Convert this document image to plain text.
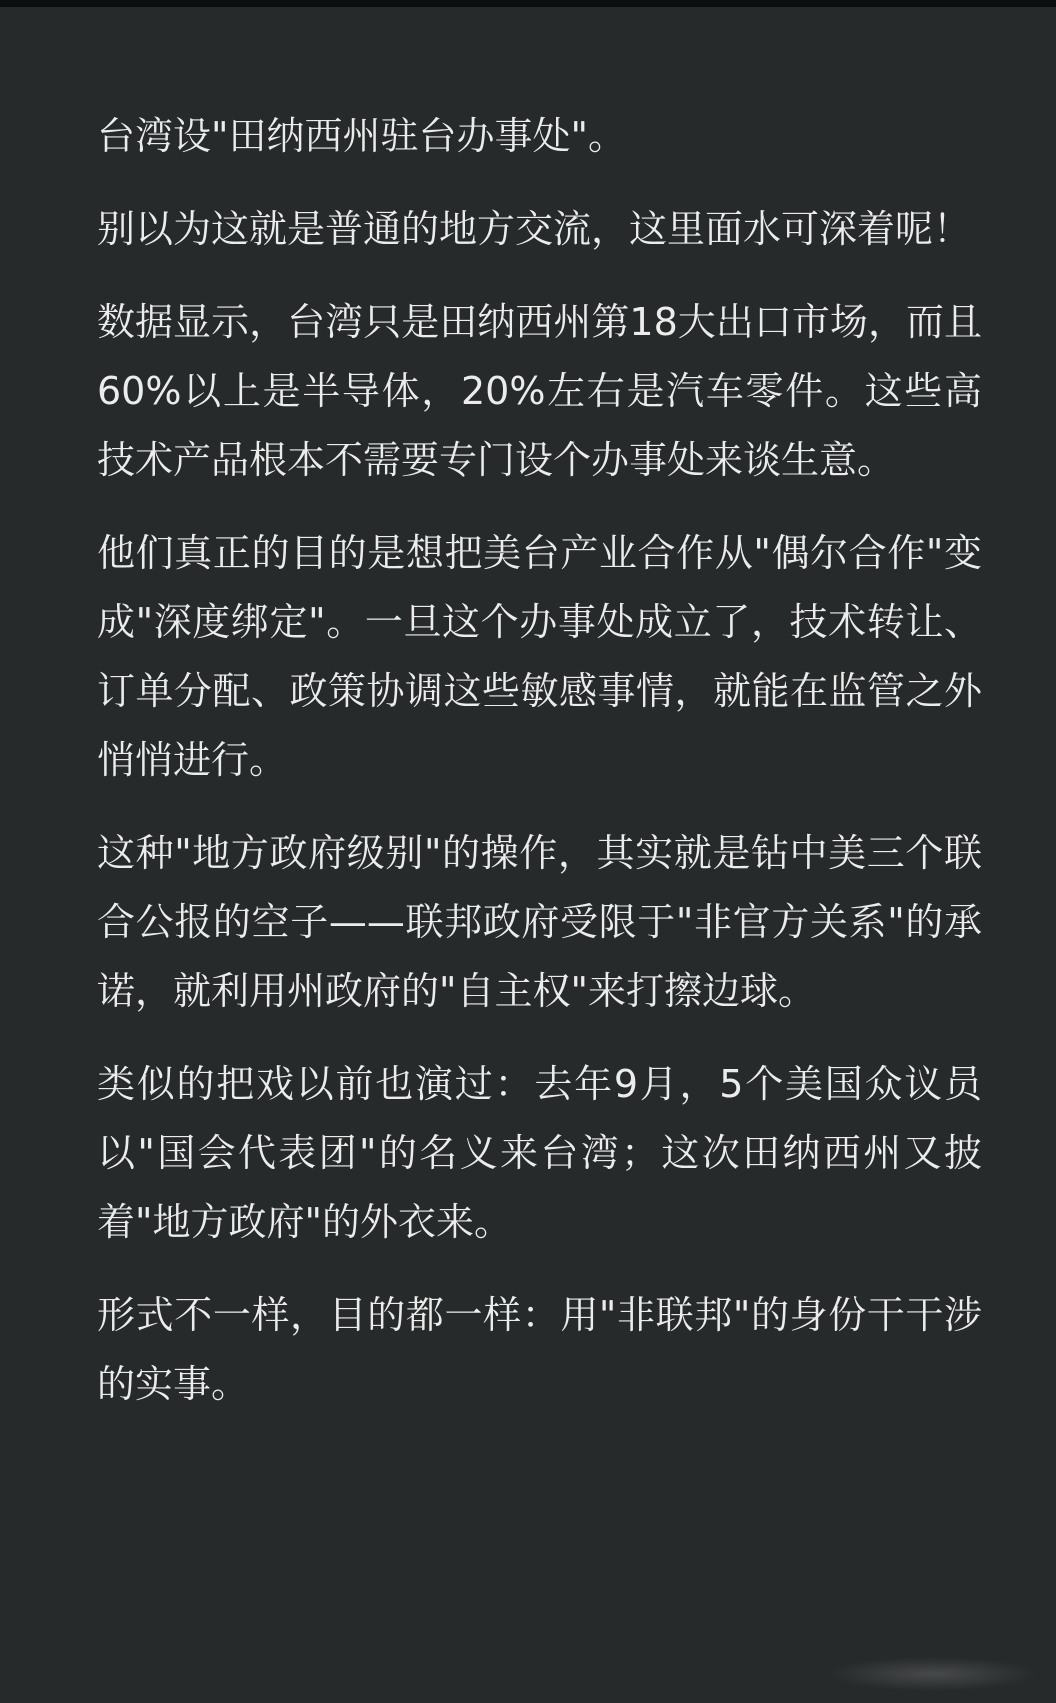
台湾设"田纳西州驻台办事处"。

别以为这就是普通的地方交流，这里面水可深着呢！

数据显示，台湾只是田纳西州第18大出口市场，而且60%以上是半导体，20%左右是汽车零件。这些高技术产品根本不需要专门设个办事处来谈生意。

他们真正的目的是想把美台产业合作从"偶尔合作"变成"深度绑定"。一旦这个办事处成立了，技术转让、订单分配、政策协调这些敏感事情，就能在监管之外悄悄进行。

这种"地方政府级别"的操作，其实就是钻中美三个联合公报的空子——联邦政府受限于"非官方关系"的承诺，就利用州政府的"自主权"来打擦边球。

类似的把戏以前也演过：去年9月，5个美国众议员以"国会代表团"的名义来台湾；这次田纳西州又披着"地方政府"的外衣来。

形式不一样，目的都一样：用"非联邦"的身份干干涉的实事。
